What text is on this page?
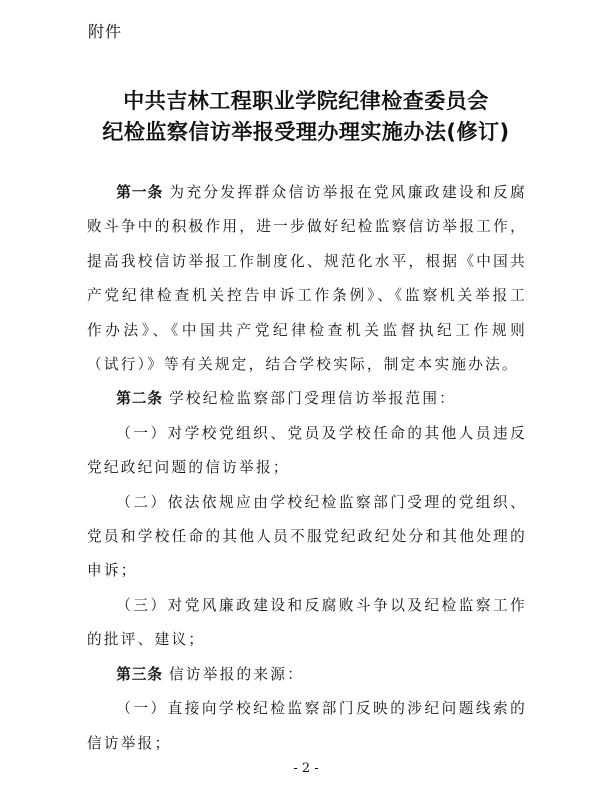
附件
中共吉林工程职业学院纪律检查委员会
纪检监察信访举报受理办理实施办法(修订)

第一条 为充分发挥群众信访举报在党风廉政建设和反腐败斗争中的积极作用，进一步做好纪检监察信访举报工作，提高我校信访举报工作制度化、规范化水平，根据《中国共产党纪律检查机关控告申诉工作条例》、《监察机关举报工作办法》、《中国共产党纪律检查机关监督执纪工作规则（试行）》等有关规定，结合学校实际，制定本实施办法。

第二条 学校纪检监察部门受理信访举报范围：

（一）对学校党组织、党员及学校任命的其他人员违反党纪政纪问题的信访举报；

（二）依法依规应由学校纪检监察部门受理的党组织、党员和学校任命的其他人员不服党纪政纪处分和其他处理的申诉；

（三）对党风廉政建设和反腐败斗争以及纪检监察工作的批评、建议；

第三条 信访举报的来源：

（一）直接向学校纪检监察部门反映的涉纪问题线索的信访举报；

- 2 -
